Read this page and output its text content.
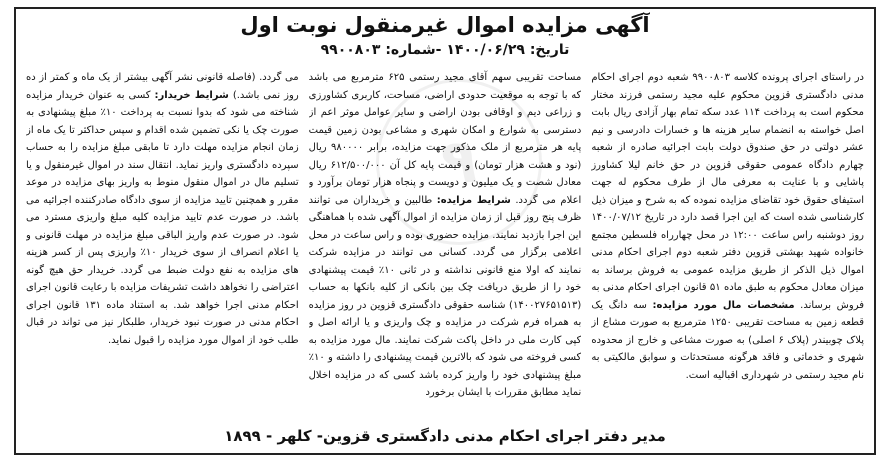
۹
آگهی مزایده اموال غیرمنقول نوبت اول
تاریخ: ۱۴۰۰/۰۶/۲۹ -شماره: ۹۹۰۰۸۰۳

در راستای اجرای پرونده کلاسه ۹۹۰۰۸۰۳ شعبه دوم اجرای احکام مدنی دادگستری قزوین محکوم علیه مجید رستمی فرزند مختار محکوم است به پرداخت ۱۱۴ عدد سکه تمام بهار آزادی ریال بابت اصل خواسته به انضمام سایر هزینه ها و خسارات دادرسی و نیم عشر دولتی در حق صندوق دولت بابت اجرائیه صادره از شعبه چهارم دادگاه عمومی حقوقی قزوین در حق خانم لیلا کشاورز پاشایی و با عنایت به معرفی مال از طرف محکوم له جهت استیفای حقوق خود تقاضای مزایده نموده که به شرح و میزان ذیل کارشناسی شده است که این اجرا قصد دارد در تاریخ ۱۴۰۰/۰۷/۱۲ روز دوشنبه راس ساعت ۱۲:۰۰ در محل چهارراه فلسطین مجتمع خانواده شهید بهشتی قزوین دفتر شعبه دوم اجرای احکام مدنی اموال ذیل الذکر از طریق مزایده عمومی به فروش برساند به میزان معادل محکوم به طبق ماده ۵۱ قانون اجرای احکام مدنی به فروش برساند. مشخصات مال مورد مزایده: سه دانگ یک قطعه زمین به مساحت تقریبی ۱۲۵۰ مترمربع به صورت مشاع از پلاک چوبیندر (پلاک ۶ اصلی) به صورت مشاعی و خارج از محدوده شهری و خدماتی و فاقد هرگونه مستحدثات و سوابق مالکیتی به نام مجید رستمی در شهرداری اقبالیه است.

مساحت تقریبی سهم آقای مجید رستمی ۶۲۵ مترمربع می باشد که با توجه به موقعیت حدودی اراضی، مساحت، کاربری کشاورزی و زراعی دیم و اوقافی بودن اراضی و سایر عوامل موثر اعم از دسترسی به شوارع و امکان شهری و مشاعی بودن زمین قیمت پایه هر مترمربع از ملک مذکور جهت مزایده، برابر ۹۸۰۰۰۰ ریال (نود و هشت هزار تومان) و قیمت پایه کل آن ۶۱۲/۵۰۰/۰۰۰ ریال معادل شصت و یک میلیون و دویست و پنجاه هزار تومان برآورد و اعلام می گردد. شرایط مزایده: طالبین و خریداران می توانند ظرف پنج روز قبل از زمان مزایده از اموال آگهی شده با هماهنگی این اجرا بازدید نمایند. مزایده حضوری بوده و راس ساعت در محل اعلامی برگزار می گردد. کسانی می توانند در مزایده شرکت نمایند که اولا منع قانونی نداشته و در ثانی ۱۰٪ قیمت پیشنهادی خود را از طریق دریافت چک بین بانکی از کلیه بانکها به حساب (۱۴۰۰۲۷۶۵۱۵۱۳) شناسه حقوقی دادگستری قزوین در روز مزایده به همراه فرم شرکت در مزایده و چک واریزی و یا ارائه اصل و کپی کارت ملی در داخل پاکت شرکت نمایند. مال مورد مزایده به کسی فروخته می شود که بالاترین قیمت پیشنهادی را داشته و ۱۰٪ مبلغ پیشنهادی خود را واریز کرده باشد کسی که در مزایده اخلال نماید مطابق مقررات با ایشان برخورد

می گردد. (فاصله قانونی نشر آگهی بیشتر از یک ماه و کمتر از ده روز نمی باشد.) شرایط خریدار: کسی به عنوان خریدار مزایده شناخته می شود که بدوا نسبت به پرداخت ۱۰٪ مبلغ پیشنهادی به صورت چک یا نکی تضمین شده اقدام و سپس حداکثر تا یک ماه از زمان انجام مزایده مهلت دارد تا مابقی مبلغ مزایده را به حساب سپرده دادگستری واریز نماید. انتقال سند در اموال غیرمنقول و یا تسلیم مال در اموال منقول منوط به واریز بهای مزایده در موعد مقرر و همچنین تایید مزایده از سوی دادگاه صادرکننده اجرائیه می باشد. در صورت عدم تایید مزایده کلیه مبلغ واریزی مسترد می شود. در صورت عدم واریز الباقی مبلغ مزایده در مهلت قانونی و یا اعلام انصراف از سوی خریدار ۱۰٪ واریزی پس از کسر هزینه های مزایده به نفع دولت ضبط می گردد. خریدار حق هیچ گونه اعتراضی را نخواهد داشت تشریفات مزایده با رعایت قانون اجرای احکام مدنی اجرا خواهد شد. به استناد ماده ۱۳۱ قانون اجرای احکام مدنی در صورت نبود خریدار، طلبکار نیز می تواند در قبال طلب خود از اموال مورد مزایده را قبول نماید.

مدیر دفتر اجرای احکام مدنی دادگستری قزوین- کلهر - ۱۸۹۹
